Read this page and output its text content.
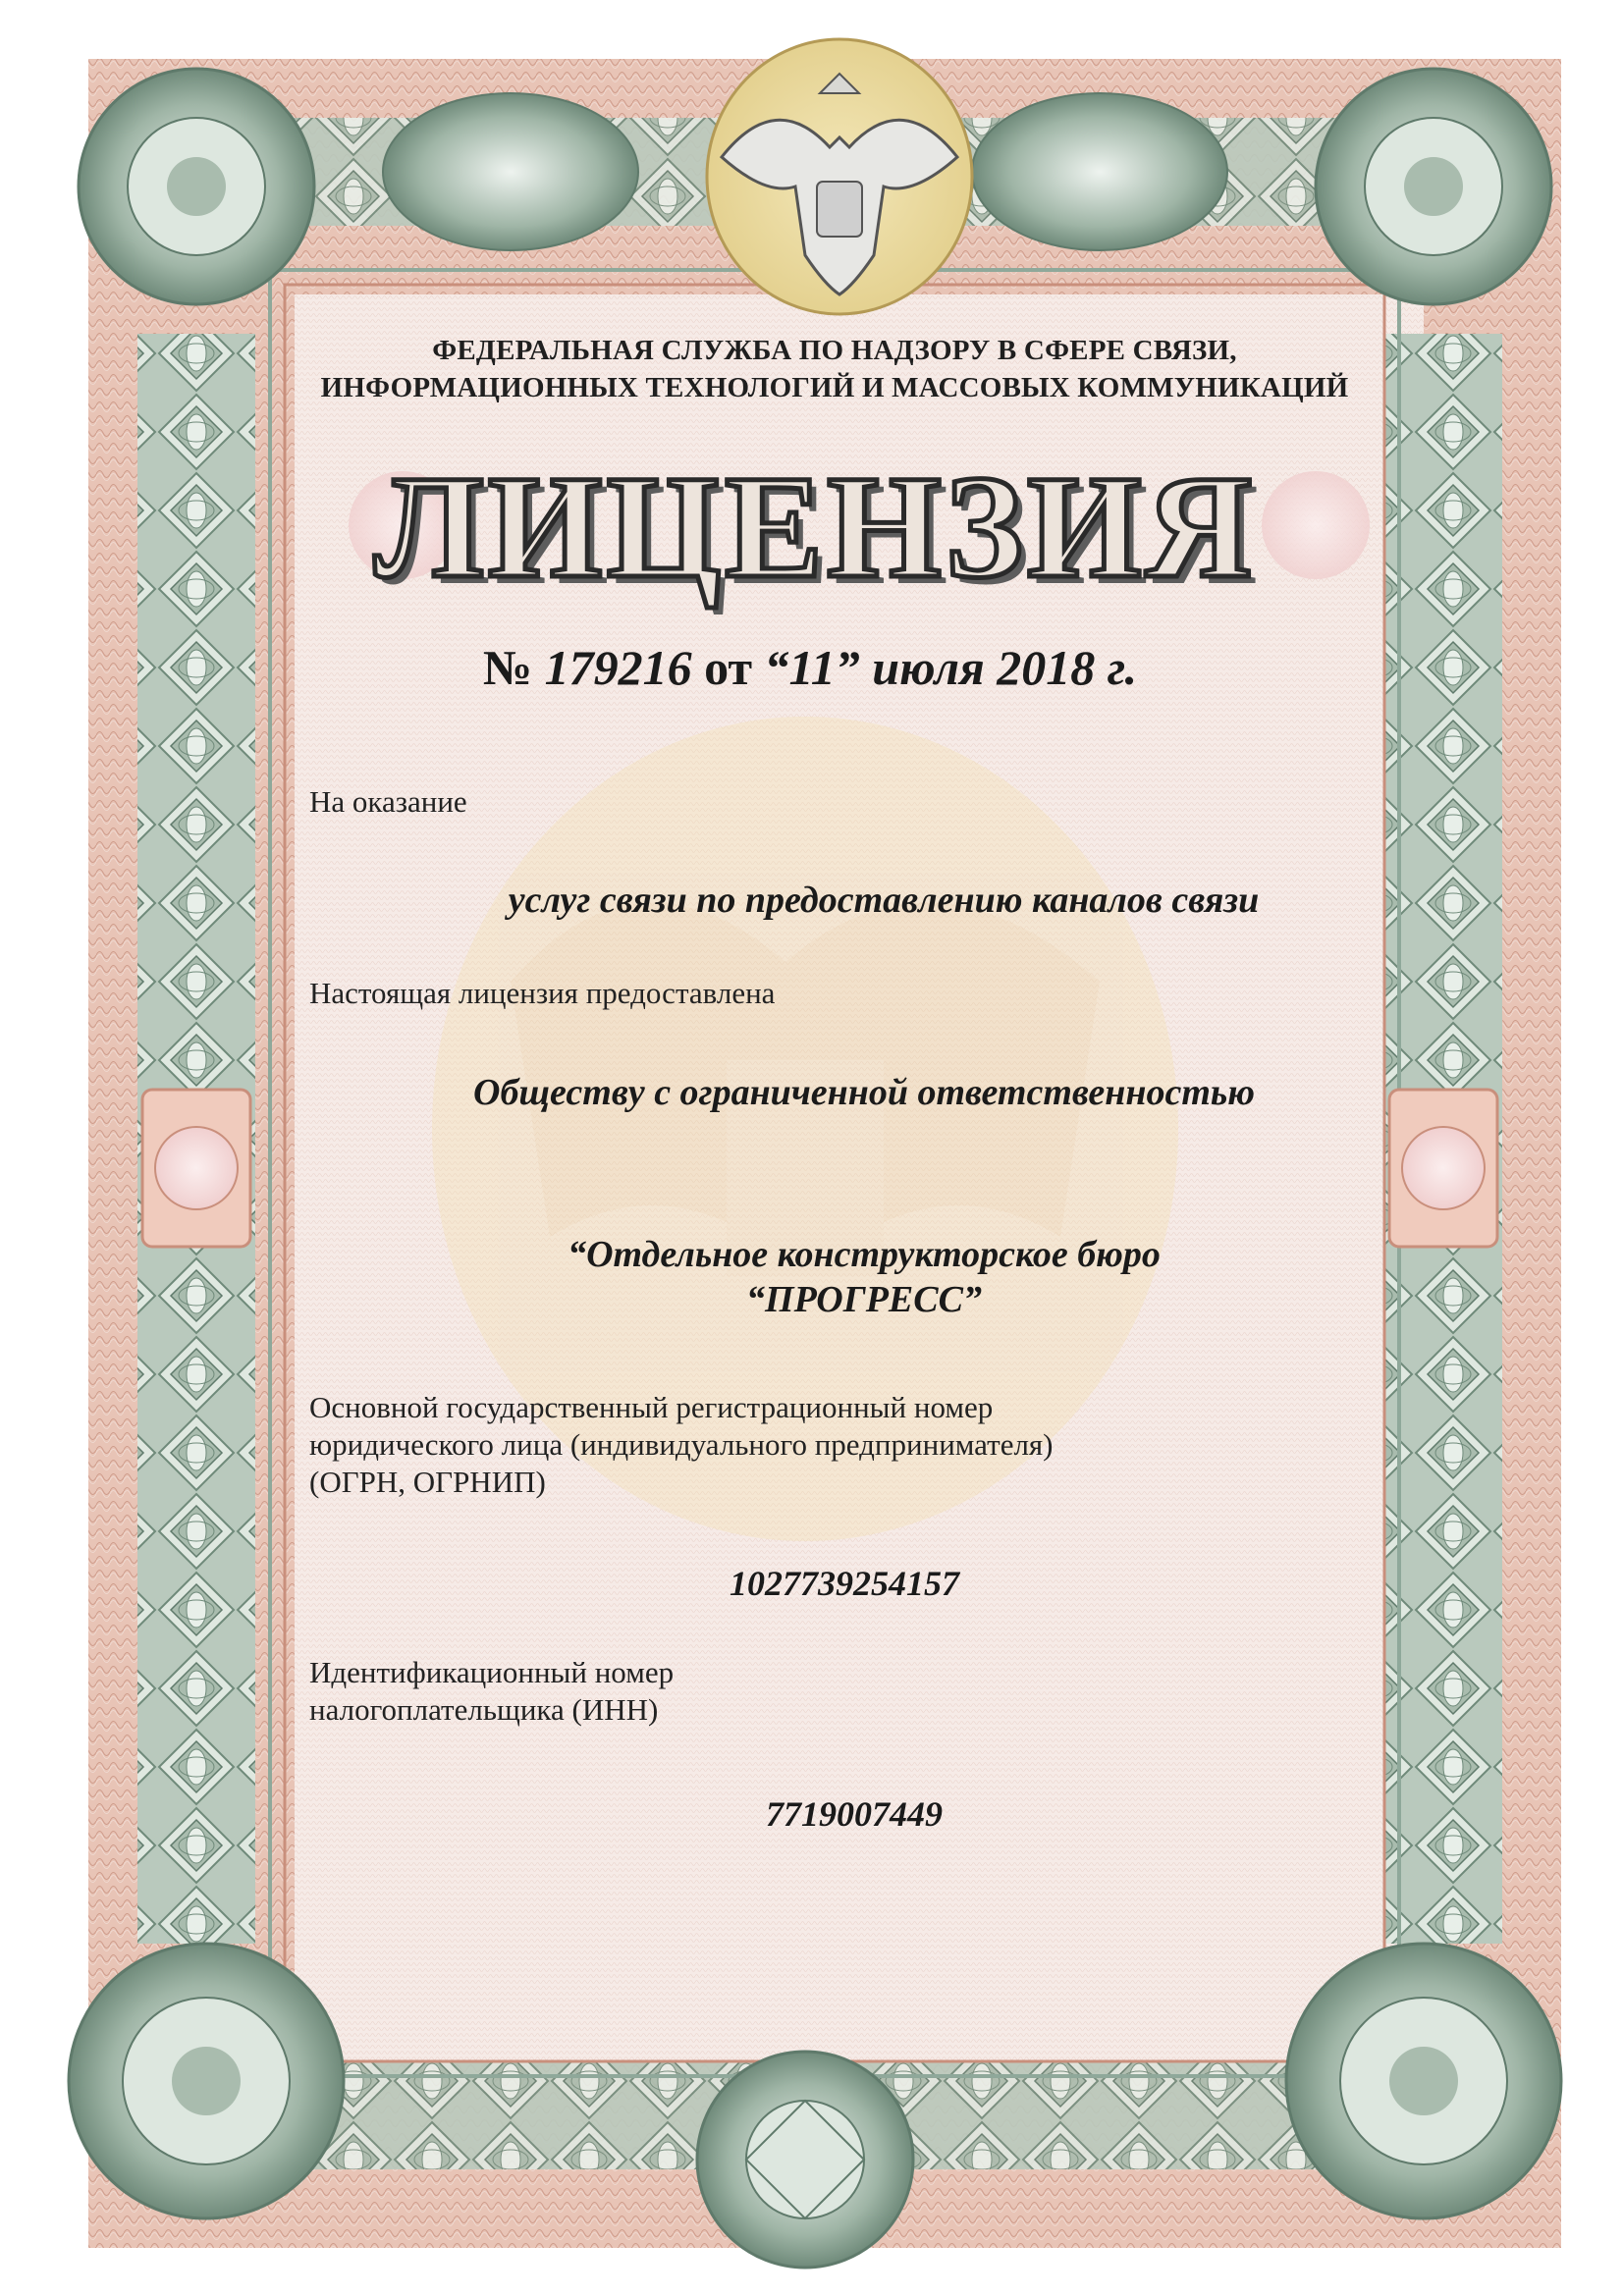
ФЕДЕРАЛЬНАЯ СЛУЖБА ПО НАДЗОРУ В СФЕРЕ СВЯЗИ,
ИНФОРМАЦИОННЫХ ТЕХНОЛОГИЙ И МАССОВЫХ КОММУНИКАЦИЙ
ЛИЦЕНЗИЯ
№ 179216 от “11” июля 2018 г.
На оказание
услуг связи по предоставлению каналов связи
Настоящая лицензия предоставлена
Обществу с ограниченной ответственностью
“Отдельное конструкторское бюро
“ПРОГРЕСС”
Основной государственный регистрационный номер
юридического лица (индивидуального предпринимателя)
(ОГРН, ОГРНИП)
1027739254157
Идентификационный номер
налогоплательщика (ИНН)
7719007449
